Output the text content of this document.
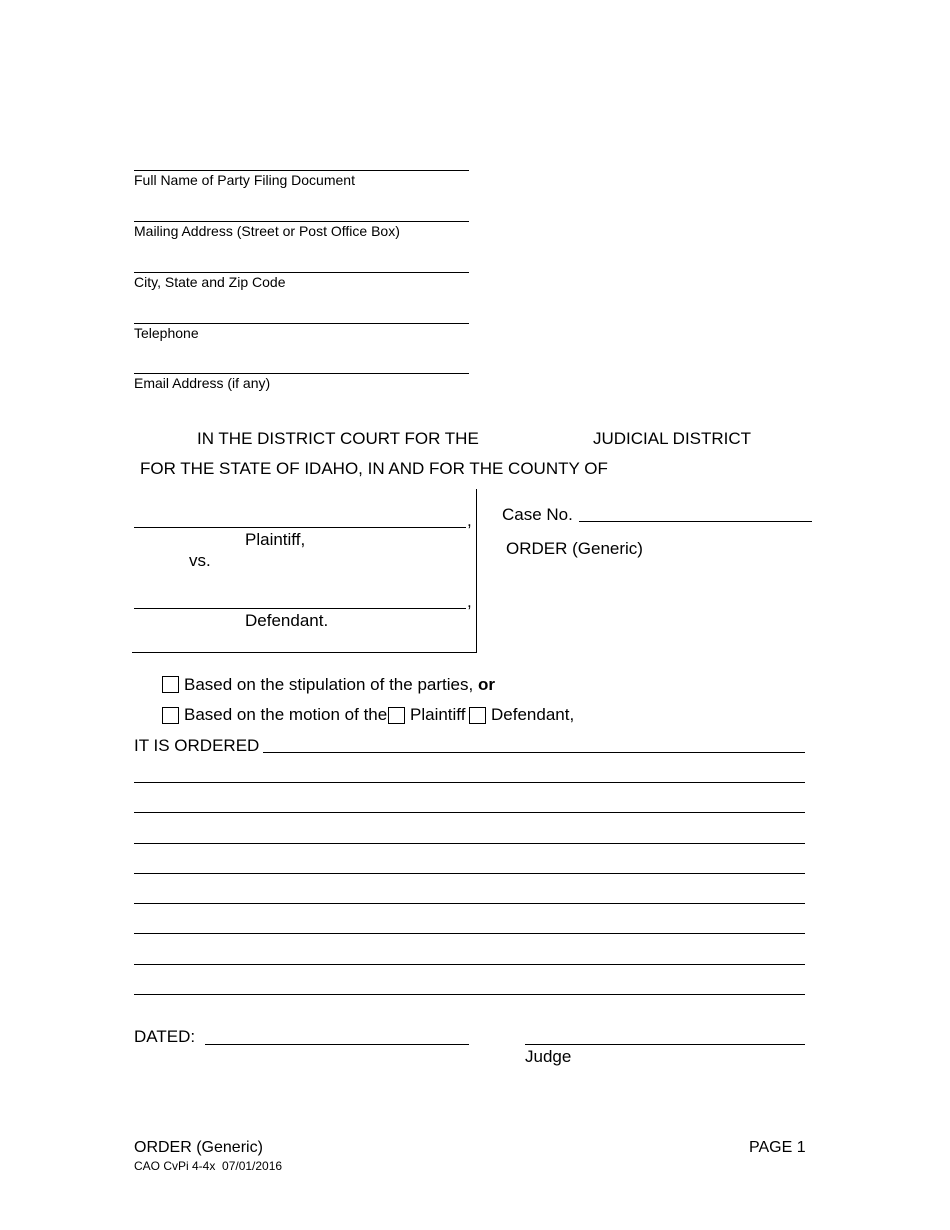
Full Name of Party Filing Document
Mailing Address (Street or Post Office Box)
City, State and Zip Code
Telephone
Email Address (if any)
IN THE DISTRICT COURT FOR THE	JUDICIAL DISTRICT
FOR THE STATE OF IDAHO, IN AND FOR THE COUNTY OF
,
Plaintiff,
vs.
,
Defendant.
Case No.
ORDER (Generic)
Based on the stipulation of the parties, or
Based on the motion of the Plaintiff Defendant,
IT IS ORDERED
DATED:
Judge
ORDER (Generic)
CAO CvPi 4-4x  07/01/2016
PAGE 1
